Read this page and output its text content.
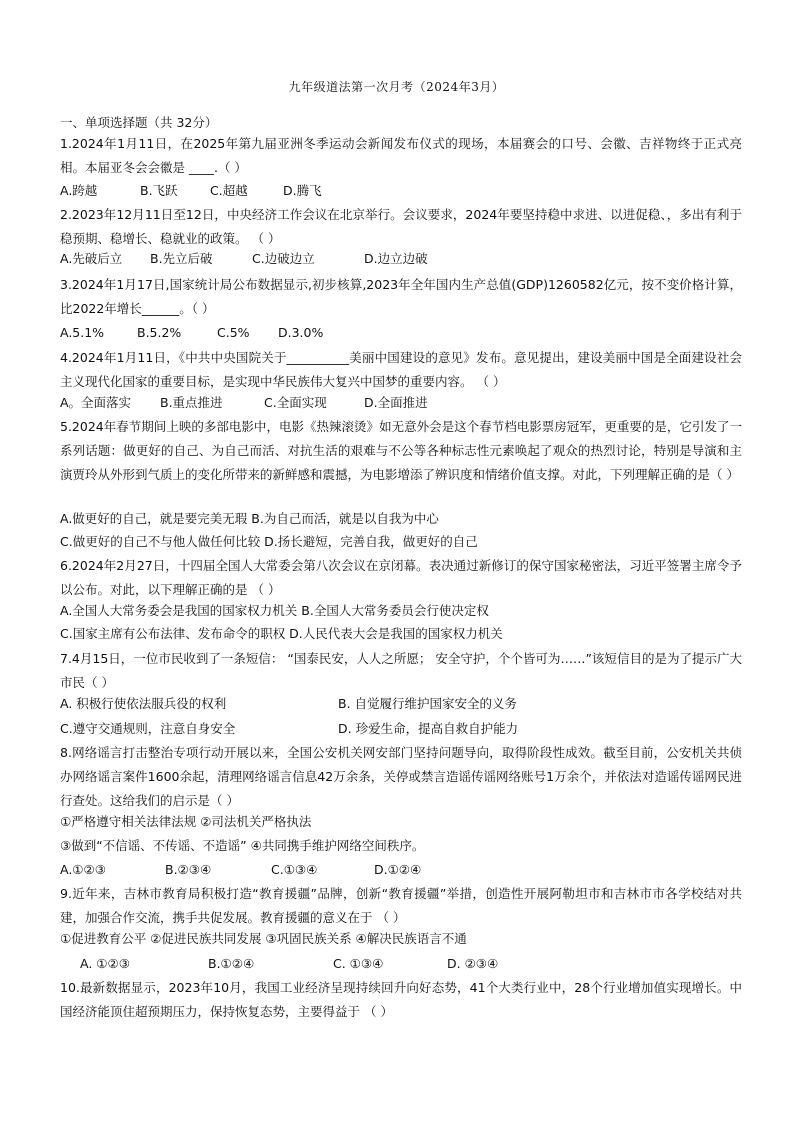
九年级道法第一次月考（2024年3月）
一、单项选择题（共 32分）
1.2024年1月11日，在2025年第九届亚洲冬季运动会新闻发布仪式的现场，本届赛会的口号、会徽、吉祥物终于正式亮相。本届亚冬会会徽是 ____.（ ）
A.跨越	B.飞跃	C.超越	D.腾飞
2.2023年12月11日至12日，中央经济工作会议在北京举行。会议要求，2024年要坚持稳中求进、以进促稳、，多出有利于稳预期、稳增长、稳就业的政策。 （ ）
A.先破后立 B.先立后破	C.边破边立	D.边立边破
3.2024年1月17日,国家统计局公布数据显示,初步核算,2023年全年国内生产总值(GDP)1260582亿元，按不变价格计算，比2022年增长______。（ ）
A.5.1%	B.5.2%	C.5% D.3.0%
4.2024年1月11日，《中共中央国院关于__________美丽中国建设的意见》发布。意见提出，建设美丽中国是全面建设社会主义现代化国家的重要目标，是实现中华民族伟大复兴中国梦的重要内容。 （ ）
A。全面落实 B.重点推进	C.全面实现	D.全面推进
5.2024年春节期间上映的多部电影中，电影《热辣滚烫》如无意外会是这个春节档电影票房冠军，更重要的是，它引发了一系列话题：做更好的自己、为自己而活、对抗生活的艰难与不公等各种标志性元素唤起了观众的热烈讨论，特别是导演和主演贾玲从外形到气质上的变化所带来的新鲜感和震撼，为电影增添了辨识度和情绪价值支撑。对此，下列理解正确的是（ ）
A.做更好的自己，就是要完美无瑕 B.为自己而活，就是以自我为中心
C.做更好的自己不与他人做任何比较 D.扬长避短，完善自我，做更好的自己
6.2024年2月27日，十四届全国人大常委会第八次会议在京闭幕。表决通过新修订的保守国家秘密法，习近平签署主席令予以公布。对此，以下理解正确的是 （ ）
A.全国人大常务委会是我国的国家权力机关 B.全国人大常务委员会行使决定权
C.国家主席有公布法律、发布命令的职权 D.人民代表大会是我国的国家权力机关
7.4月15日，一位市民收到了一条短信： “国泰民安，人人之所愿； 安全守护，个个皆可为……”该短信目的是为了提示广大市民（ ）
A. 积极行使依法服兵役的权利	B. 自觉履行维护国家安全的义务
C.遵守交通规则，注意自身安全	D. 珍爱生命，提高自救自护能力
8.网络谣言打击整治专项行动开展以来，全国公安机关网安部门坚持问题导向，取得阶段性成效。截至目前，公安机关共侦办网络谣言案件1600余起，清理网络谣言信息42万余条，关停或禁言造谣传谣网络账号1万余个，并依法对造谣传谣网民进行查处。这给我们的启示是（ ）
①严格遵守相关法律法规 ②司法机关严格执法
③做到“不信谣、不传谣、不造谣” ④共同携手维护网络空间秩序。
A.①②③	B.②③④	C.①③④	D.①②④
9.近年来，吉林市教育局积极打造“教育援疆”品牌，创新“教育援疆”举措，创造性开展阿勒坦市和吉林市市各学校结对共建，加强合作交流，携手共促发展。教育援疆的意义在于 （ ）
①促进教育公平 ②促进民族共同发展 ③巩固民族关系 ④解决民族语言不通
A. ①②③	B.①②④	C. ①③④	D. ②③④
10.最新数据显示，2023年10月，我国工业经济呈现持续回升向好态势，41个大类行业中，28个行业增加值实现增长。中国经济能顶住超预期压力，保持恢复态势，主要得益于 （ ）
